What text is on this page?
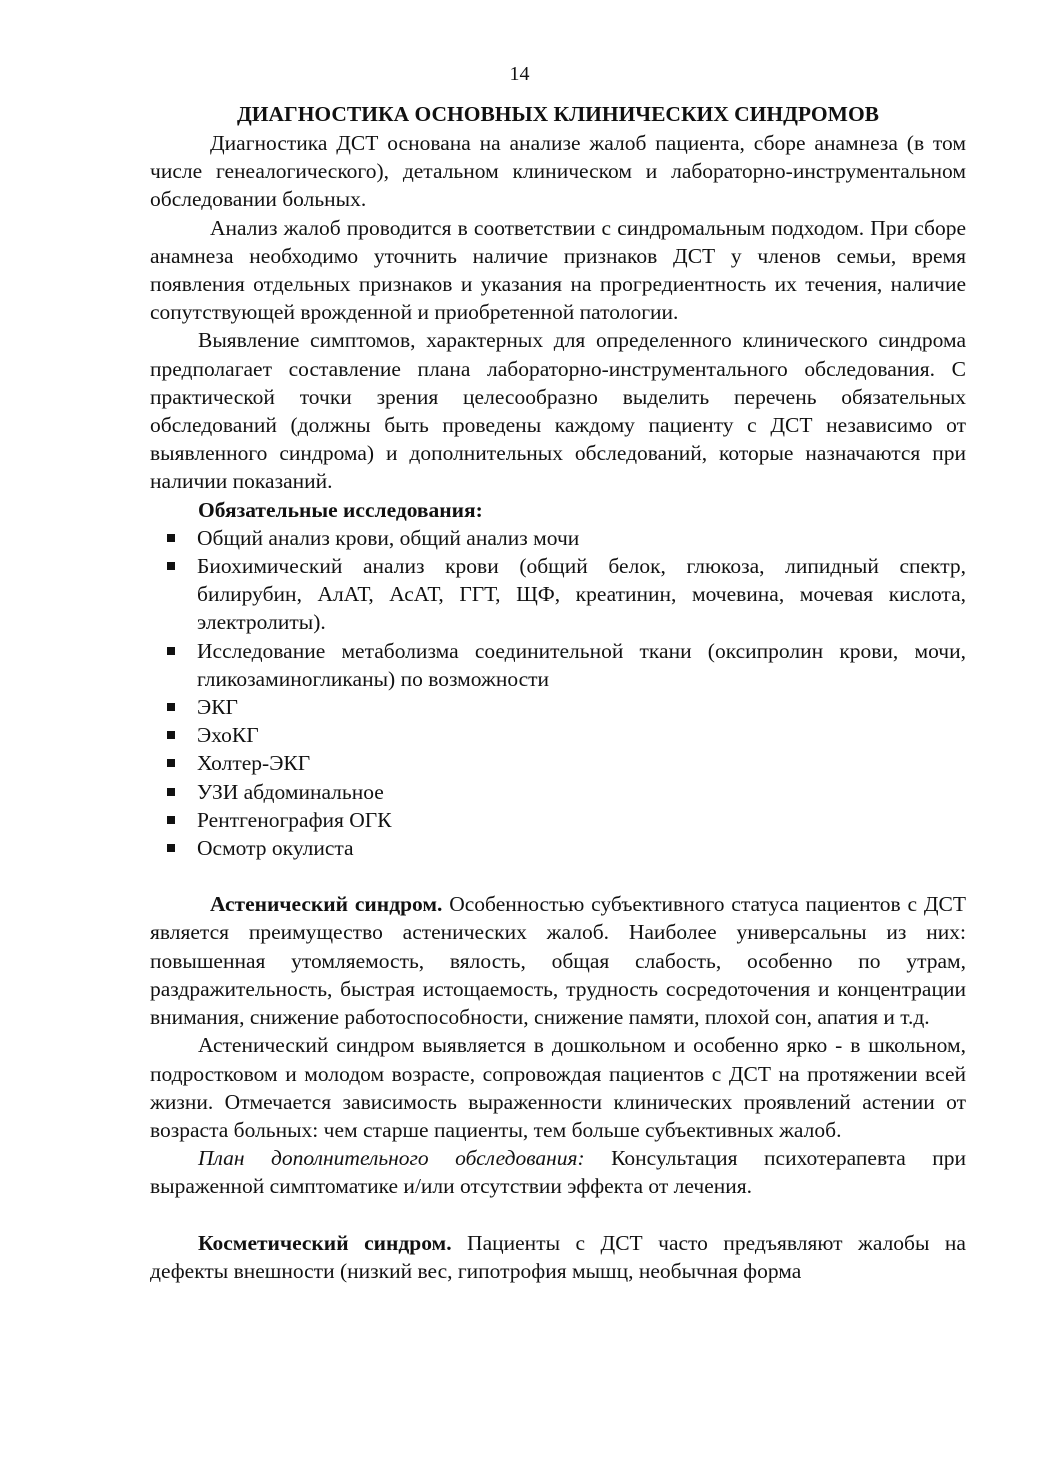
14
ДИАГНОСТИКА ОСНОВНЫХ КЛИНИЧЕСКИХ СИНДРОМОВ

Диагностика ДСТ основана на анализе жалоб пациента, сборе анамнеза (в том числе генеалогического), детальном клиническом и лабораторно-инструментальном обследовании больных.

Анализ жалоб проводится в соответствии с синдромальным подходом. При сборе анамнеза необходимо уточнить наличие признаков ДСТ у членов семьи, время появления отдельных признаков и указания на прогредиентность их течения, наличие сопутствующей врожденной и приобретенной патологии.

Выявление симптомов, характерных для определенного клинического синдрома предполагает составление плана лабораторно-инструментального обследования. С практической точки зрения целесообразно выделить перечень обязательных обследований (должны быть проведены каждому пациенту с ДСТ независимо от выявленного синдрома) и дополнительных обследований, которые назначаются при наличии показаний.

Обязательные исследования:
Общий анализ крови, общий анализ мочи
Биохимический анализ крови (общий белок, глюкоза, липидный спектр, билирубин, АлАТ, АсАТ, ГГТ, ЩФ, креатинин, мочевина, мочевая кислота, электролиты).
Исследование метаболизма соединительной ткани (оксипролин крови, мочи, гликозаминогликаны) по возможности
ЭКГ
ЭхоКГ
Холтер-ЭКГ
УЗИ абдоминальное
Рентгенография ОГК
Осмотр окулиста

Астенический синдром. Особенностью субъективного статуса пациентов с ДСТ является преимущество астенических жалоб. Наиболее универсальны из них: повышенная утомляемость, вялость, общая слабость, особенно по утрам, раздражительность, быстрая истощаемость, трудность сосредоточения и концентрации внимания, снижение работоспособности, снижение памяти, плохой сон, апатия и т.д.

Астенический синдром выявляется в дошкольном и особенно ярко - в школьном, подростковом и молодом возрасте, сопровождая пациентов с ДСТ на протяжении всей жизни. Отмечается зависимость выраженности клинических проявлений астении от возраста больных: чем старше пациенты, тем больше субъективных жалоб.

План дополнительного обследования: Консультация психотерапевта при выраженной симптоматике и/или отсутствии эффекта от лечения.

Косметический синдром. Пациенты с ДСТ часто предъявляют жалобы на дефекты внешности (низкий вес, гипотрофия мышц, необычная форма
